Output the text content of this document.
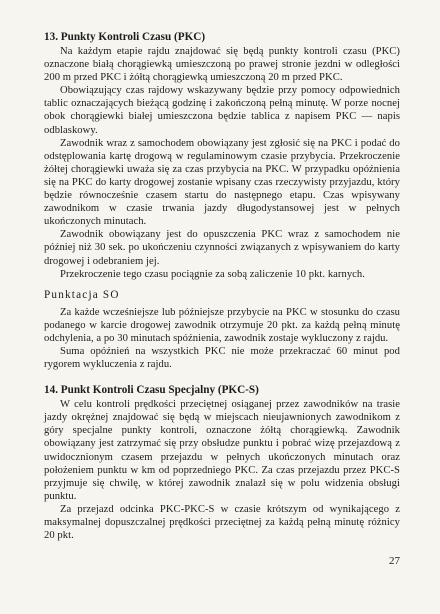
13. Punkty Kontroli Czasu (PKC)

Na każdym etapie rajdu znajdować się będą punkty kontroli czasu (PKC) oznaczone białą chorągiewką umieszczoną po prawej stronie jezdni w odległości 200 m przed PKC i żółtą chorągiewką umieszczoną 20 m przed PKC.

Obowiązujący czas rajdowy wskazywany będzie przy pomocy odpowiednich tablic oznaczających bieżącą godzinę i zakończoną pełną minutę. W porze nocnej obok chorągiewki białej umieszczona będzie tablica z napisem PKC — napis odblaskowy.

Zawodnik wraz z samochodem obowiązany jest zgłosić się na PKC i podać do odstęplowania kartę drogową w regulaminowym czasie przybycia. Przekroczenie żółtej chorągiewki uważa się za czas przybycia na PKC. W przypadku opóźnienia się na PKC do karty drogowej zostanie wpisany czas rzeczywisty przyjazdu, który będzie równocześnie czasem startu do następnego etapu. Czas wpisywany zawodnikom w czasie trwania jazdy długodystansowej jest w pełnych ukończonych minutach.

Zawodnik obowiązany jest do opuszczenia PKC wraz z samochodem nie później niż 30 sek. po ukończeniu czynności związanych z wpisywaniem do karty drogowej i odebraniem jej.

Przekroczenie tego czasu pociągnie za sobą zaliczenie 10 pkt. karnych.

Punktacja SO

Za każde wcześniejsze lub późniejsze przybycie na PKC w stosunku do czasu podanego w karcie drogowej zawodnik otrzymuje 20 pkt. za każdą pełną minutę odchylenia, a po 30 minutach spóźnienia, zawodnik zostaje wykluczony z rajdu.

Suma opóźnień na wszystkich PKC nie może przekraczać 60 minut pod rygorem wykluczenia z rajdu.

14. Punkt Kontroli Czasu Specjalny (PKC-S)

W celu kontroli prędkości przeciętnej osiąganej przez zawodników na trasie jazdy okrężnej znajdować się będą w miejscach nieujawnionych zawodnikom z góry specjalne punkty kontroli, oznaczone żółtą chorągiewką. Zawodnik obowiązany jest zatrzymać się przy obsłudze punktu i pobrać wizę przejazdową z uwidocznionym czasem przejazdu w pełnych ukończonych minutach oraz położeniem punktu w km od poprzedniego PKC. Za czas przejazdu przez PKC-S przyjmuje się chwilę, w której zawodnik znalazł się w polu widzenia obsługi punktu.

Za przejazd odcinka PKC-PKC-S w czasie krótszym od wynikającego z maksymalnej dopuszczalnej prędkości przeciętnej za każdą pełną minutę różnicy 20 pkt.

27
